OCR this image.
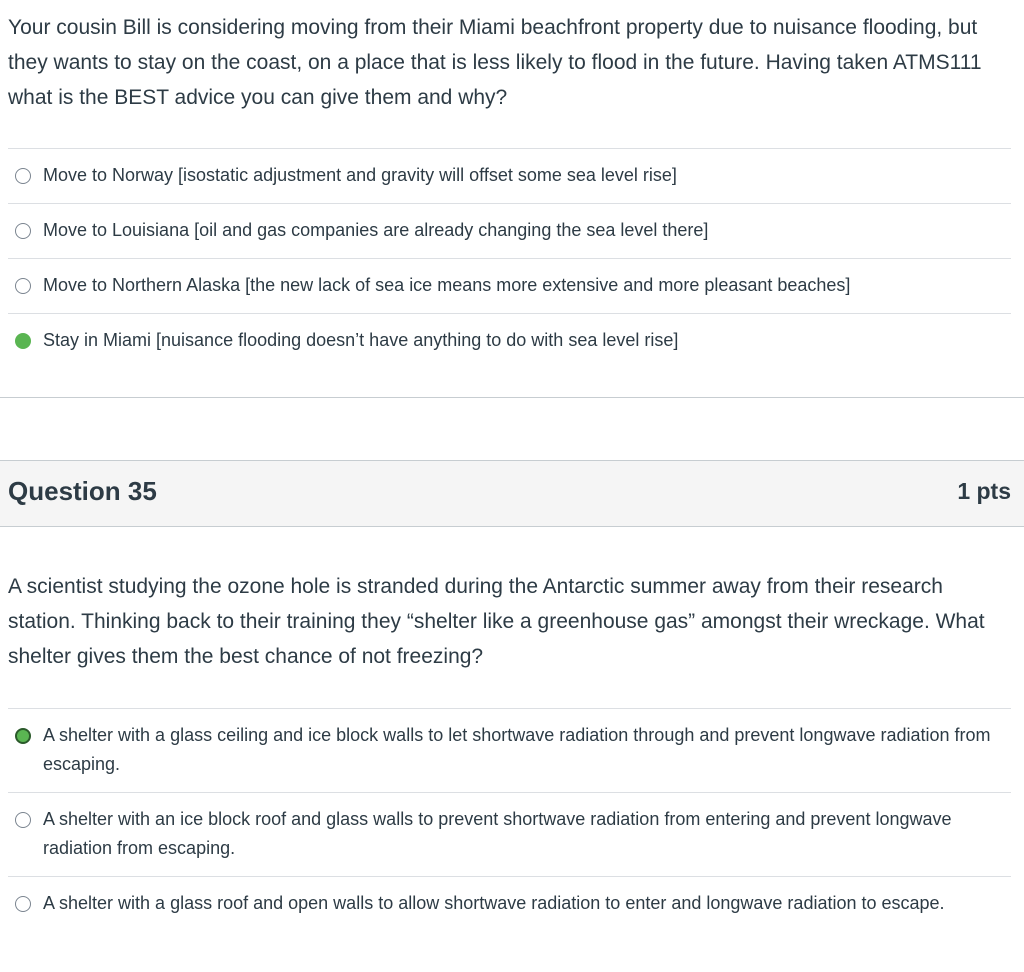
Your cousin Bill is considering moving from their Miami beachfront property due to nuisance flooding, but they wants to stay on the coast, on a place that is less likely to flood in the future. Having taken ATMS111 what is the BEST advice you can give them and why?

Move to Norway [isostatic adjustment and gravity will offset some sea level rise]
Move to Louisiana [oil and gas companies are already changing the sea level there]
Move to Northern Alaska [the new lack of sea ice means more extensive and more pleasant beaches]
Stay in Miami [nuisance flooding doesn’t have anything to do with sea level rise]
Question 35	1 pts

A scientist studying the ozone hole is stranded during the Antarctic summer away from their research station. Thinking back to their training they “shelter like a greenhouse gas” amongst their wreckage. What shelter gives them the best chance of not freezing?

A shelter with a glass ceiling and ice block walls to let shortwave radiation through and prevent longwave radiation from escaping.
A shelter with an ice block roof and glass walls to prevent shortwave radiation from entering and prevent longwave radiation from escaping.
A shelter with a glass roof and open walls to allow shortwave radiation to enter and longwave radiation to escape.
